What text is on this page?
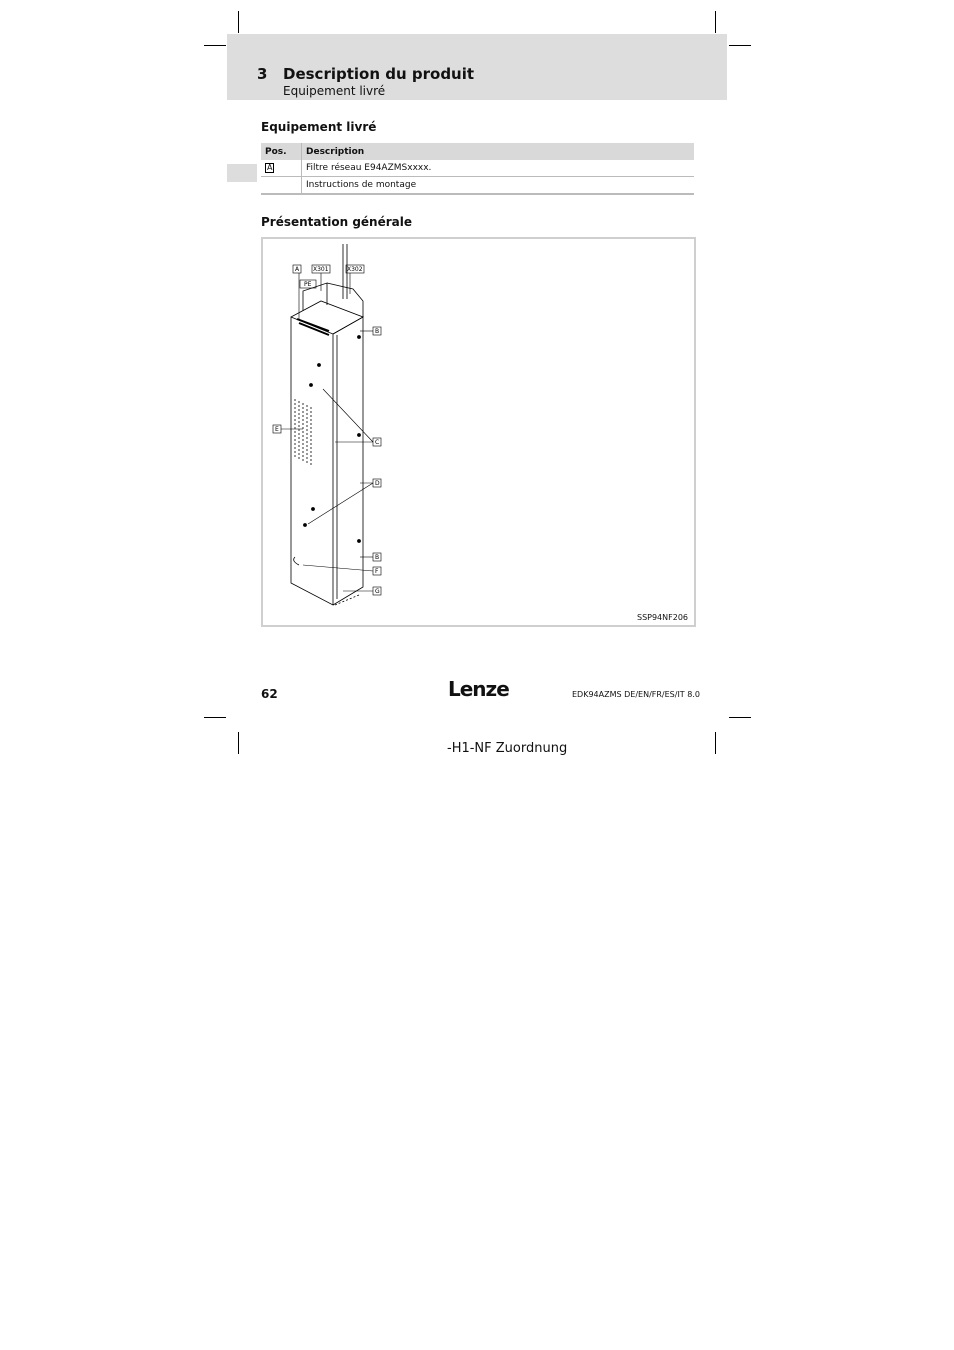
3 Description du produit
Equipement livré
Equipement livré
Pos.	Description
A	Filtre réseau E94AZMSxxxx.
	Instructions de montage
Présentation générale
A X301	X302
PE
B
E
C
D
B
F
G
SSP94NF206
62	Lenze	EDK94AZMS DE/EN/FR/ES/IT 8.0
-H1-NF Zuordnung
